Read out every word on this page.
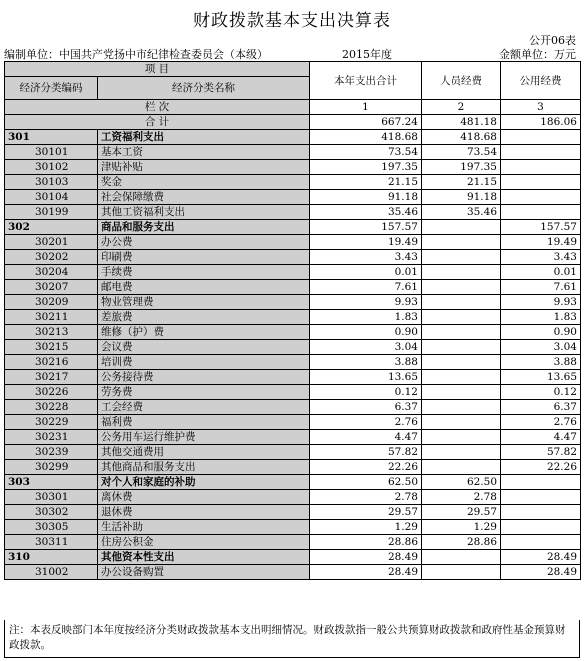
财政拨款基本支出决算表
公开06表
编制单位：中国共产党扬中市纪律检查委员会（本级）	2015年度	金额单位：万元
项 目		本年支出合计	人员经费	公用经费
经济分类编码	经济分类名称			
栏 次		1	2	3
合 计		667.24	481.18	186.06
301	工资福利支出	418.68	418.68	
30101	基本工资	73.54	73.54	
30102	津贴补贴	197.35	197.35	
30103	奖金	21.15	21.15	
30104	社会保障缴费	91.18	91.18	
30199	其他工资福利支出	35.46	35.46	
302	商品和服务支出	157.57		157.57
30201	办公费	19.49		19.49
30202	印刷费	3.43		3.43
30204	手续费	0.01		0.01
30207	邮电费	7.61		7.61
30209	物业管理费	9.93		9.93
30211	差旅费	1.83		1.83
30213	维修（护）费	0.90		0.90
30215	会议费	3.04		3.04
30216	培训费	3.88		3.88
30217	公务接待费	13.65		13.65
30226	劳务费	0.12		0.12
30228	工会经费	6.37		6.37
30229	福利费	2.76		2.76
30231	公务用车运行维护费	4.47		4.47
30239	其他交通费用	57.82		57.82
30299	其他商品和服务支出	22.26		22.26
303	对个人和家庭的补助	62.50	62.50	
30301	离休费	2.78	2.78	
30302	退休费	29.57	29.57	
30305	生活补助	1.29	1.29	
30311	住房公积金	28.86	28.86	
310	其他资本性支出	28.49		28.49
31002	办公设备购置	28.49		28.49
注：本表反映部门本年度按经济分类财政拨款基本支出明细情况。财政拨款指一般公共预算财政拨款和政府性基金预算财政拨款。
